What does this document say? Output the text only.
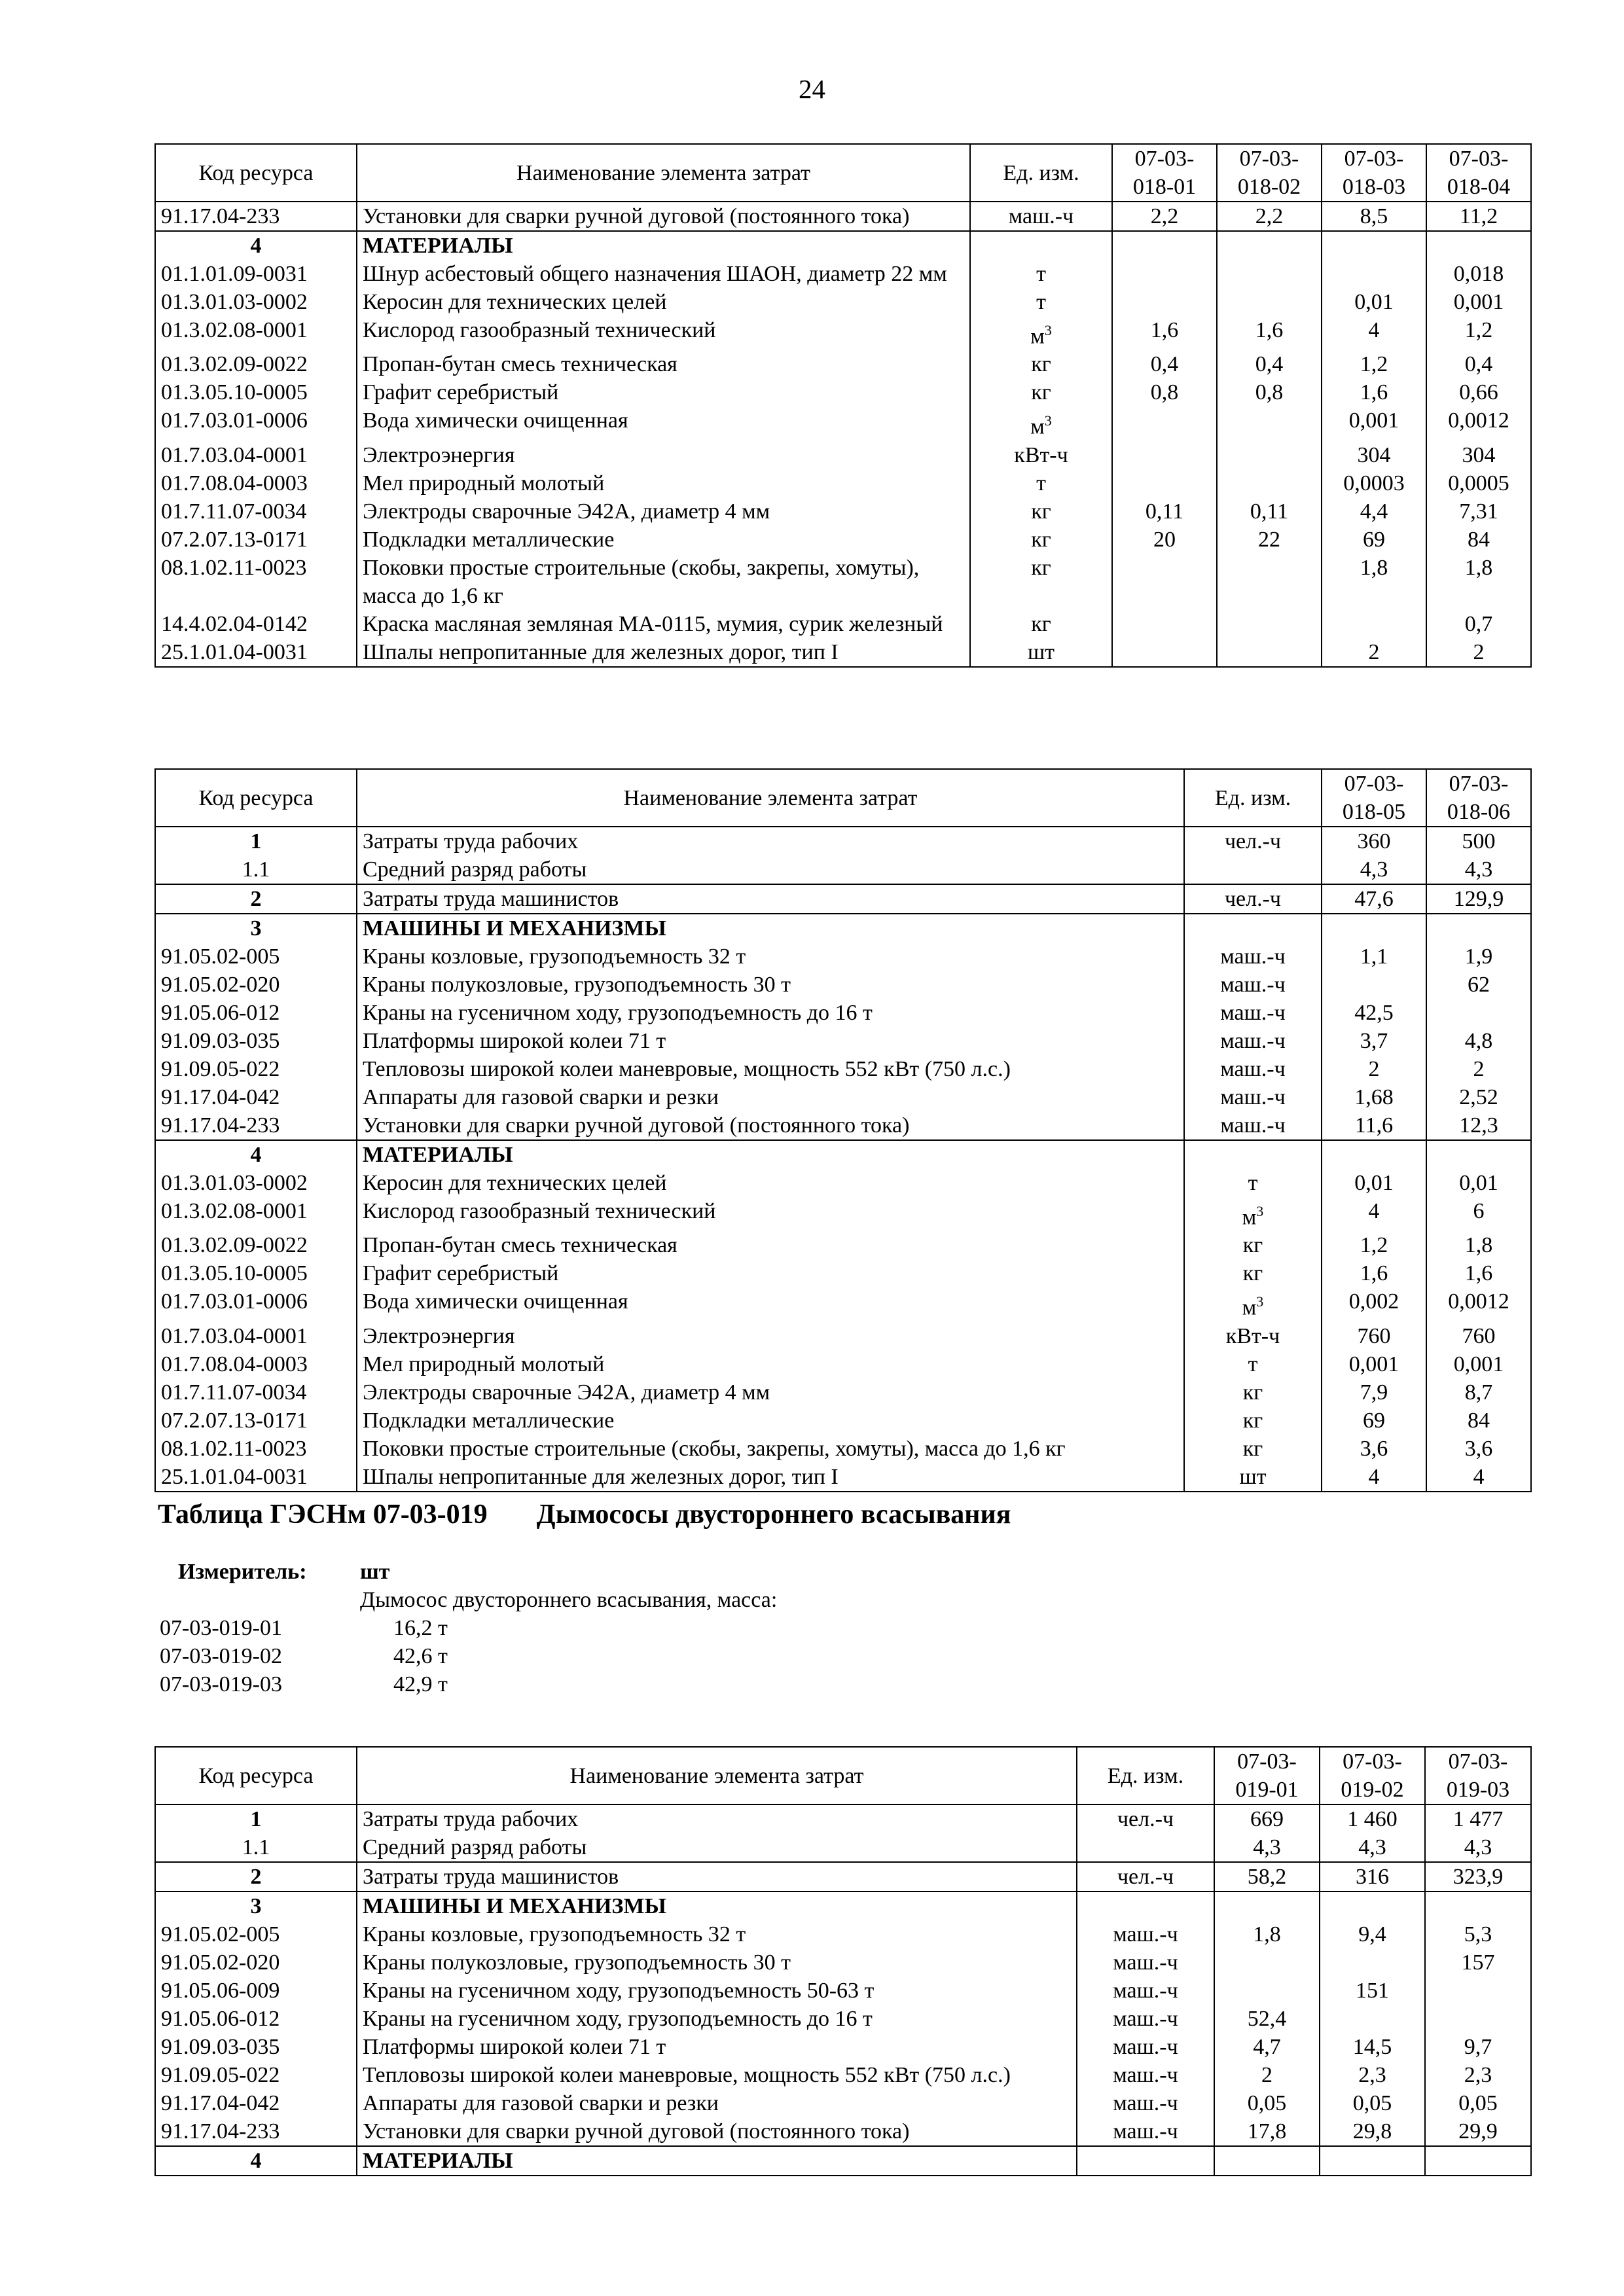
24
Код ресурса	Наименование элемента затрат	Ед. изм.	07-03-018-01	07-03-018-02	07-03-018-03	07-03-018-04
91.17.04-233	Установки для сварки ручной дуговой (постоянного тока)	маш.-ч	2,2	2,2	8,5	11,2
4	МАТЕРИАЛЫ					
01.1.01.09-0031	Шнур асбестовый общего назначения ШАОН, диаметр 22 мм	т				0,018
01.3.01.03-0002	Керосин для технических целей	т			0,01	0,001
01.3.02.08-0001	Кислород газообразный технический	$м^3$	1,6	1,6	4	1,2
01.3.02.09-0022	Пропан-бутан смесь техническая	кг	0,4	0,4	1,2	0,4
01.3.05.10-0005	Графит серебристый	кг	0,8	0,8	1,6	0,66
01.7.03.01-0006	Вода химически очищенная	$м^3$			0,001	0,0012
01.7.03.04-0001	Электроэнергия	кВт-ч			304	304
01.7.08.04-0003	Мел природный молотый	т			0,0003	0,0005
01.7.11.07-0034	Электроды сварочные Э42А, диаметр 4 мм	кг	0,11	0,11	4,4	7,31
07.2.07.13-0171	Подкладки металлические	кг	20	22	69	84
08.1.02.11-0023	Поковки простые строительные (скобы, закрепы, хомуты), масса до 1,6 кг	кг			1,8	1,8
14.4.02.04-0142	Краска масляная земляная МА-0115, мумия, сурик железный	кг				0,7
25.1.01.04-0031	Шпалы непропитанные для железных дорог, тип I	шт			2	2
Код ресурса	Наименование элемента затрат	Ед. изм.	07-03-018-05	07-03-018-06
1	Затраты труда рабочих	чел.-ч	360	500
1.1	Средний разряд работы		4,3	4,3
2	Затраты труда машинистов	чел.-ч	47,6	129,9
3	МАШИНЫ И МЕХАНИЗМЫ			
91.05.02-005	Краны козловые, грузоподъемность 32 т	маш.-ч	1,1	1,9
91.05.02-020	Краны полукозловые, грузоподъемность 30 т	маш.-ч		62
91.05.06-012	Краны на гусеничном ходу, грузоподъемность до 16 т	маш.-ч	42,5	
91.09.03-035	Платформы широкой колеи 71 т	маш.-ч	3,7	4,8
91.09.05-022	Тепловозы широкой колеи маневровые, мощность 552 кВт (750 л.с.)	маш.-ч	2	2
91.17.04-042	Аппараты для газовой сварки и резки	маш.-ч	1,68	2,52
91.17.04-233	Установки для сварки ручной дуговой (постоянного тока)	маш.-ч	11,6	12,3
4	МАТЕРИАЛЫ			
01.3.01.03-0002	Керосин для технических целей	т	0,01	0,01
01.3.02.08-0001	Кислород газообразный технический	$м^3$	4	6
01.3.02.09-0022	Пропан-бутан смесь техническая	кг	1,2	1,8
01.3.05.10-0005	Графит серебристый	кг	1,6	1,6
01.7.03.01-0006	Вода химически очищенная	$м^3$	0,002	0,0012
01.7.03.04-0001	Электроэнергия	кВт-ч	760	760
01.7.08.04-0003	Мел природный молотый	т	0,001	0,001
01.7.11.07-0034	Электроды сварочные Э42А, диаметр 4 мм	кг	7,9	8,7
07.2.07.13-0171	Подкладки металлические	кг	69	84
08.1.02.11-0023	Поковки простые строительные (скобы, закрепы, хомуты), масса до 1,6 кг	кг	3,6	3,6
25.1.01.04-0031	Шпалы непропитанные для железных дорог, тип I	шт	4	4
Таблица ГЭСНм 07-03-019 Дымососы двустороннего всасывания
Измеритель: шт
Дымосос двустороннего всасывания, масса:
07-03-019-01	16,2 т
07-03-019-02	42,6 т
07-03-019-03	42,9 т
Код ресурса	Наименование элемента затрат	Ед. изм.	07-03-019-01	07-03-019-02	07-03-019-03
1	Затраты труда рабочих	чел.-ч	669	1 460	1 477
1.1	Средний разряд работы		4,3	4,3	4,3
2	Затраты труда машинистов	чел.-ч	58,2	316	323,9
3	МАШИНЫ И МЕХАНИЗМЫ				
91.05.02-005	Краны козловые, грузоподъемность 32 т	маш.-ч	1,8	9,4	5,3
91.05.02-020	Краны полукозловые, грузоподъемность 30 т	маш.-ч			157
91.05.06-009	Краны на гусеничном ходу, грузоподъемность 50-63 т	маш.-ч		151	
91.05.06-012	Краны на гусеничном ходу, грузоподъемность до 16 т	маш.-ч	52,4		
91.09.03-035	Платформы широкой колеи 71 т	маш.-ч	4,7	14,5	9,7
91.09.05-022	Тепловозы широкой колеи маневровые, мощность 552 кВт (750 л.с.)	маш.-ч	2	2,3	2,3
91.17.04-042	Аппараты для газовой сварки и резки	маш.-ч	0,05	0,05	0,05
91.17.04-233	Установки для сварки ручной дуговой (постоянного тока)	маш.-ч	17,8	29,8	29,9
4	МАТЕРИАЛЫ				
